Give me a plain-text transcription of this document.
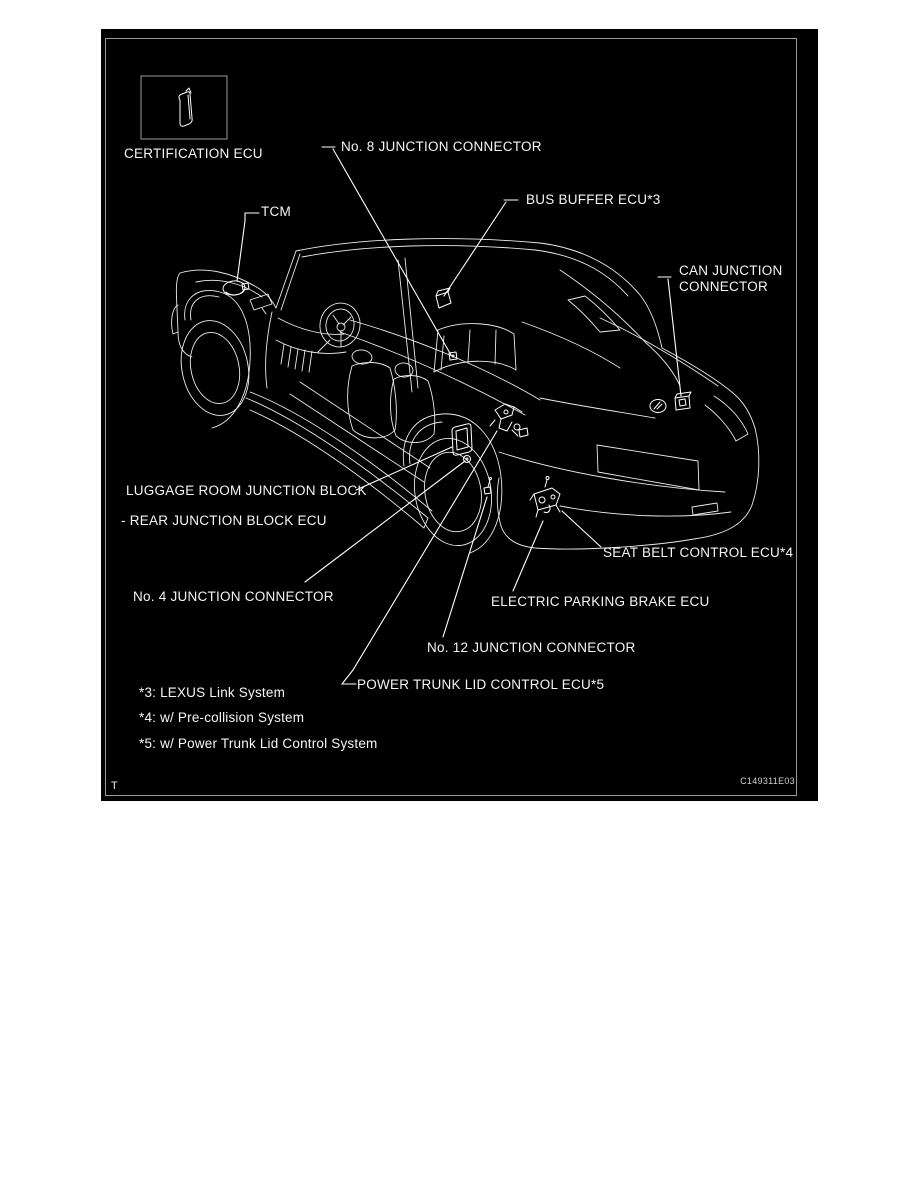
CERTIFICATION ECU	No. 8 JUNCTION CONNECTOR
BUS BUFFER ECU*3
TCM
CAN JUNCTION
CONNECTOR
LUGGAGE ROOM JUNCTION BLOCK
- REAR JUNCTION BLOCK ECU
No. 4 JUNCTION CONNECTOR
SEAT BELT CONTROL ECU*4
ELECTRIC PARKING BRAKE ECU
No. 12 JUNCTION CONNECTOR
POWER TRUNK LID CONTROL ECU*5
*3: LEXUS Link System
*4: w/ Pre-collision System
*5: w/ Power Trunk Lid Control System
T	C149311E03
